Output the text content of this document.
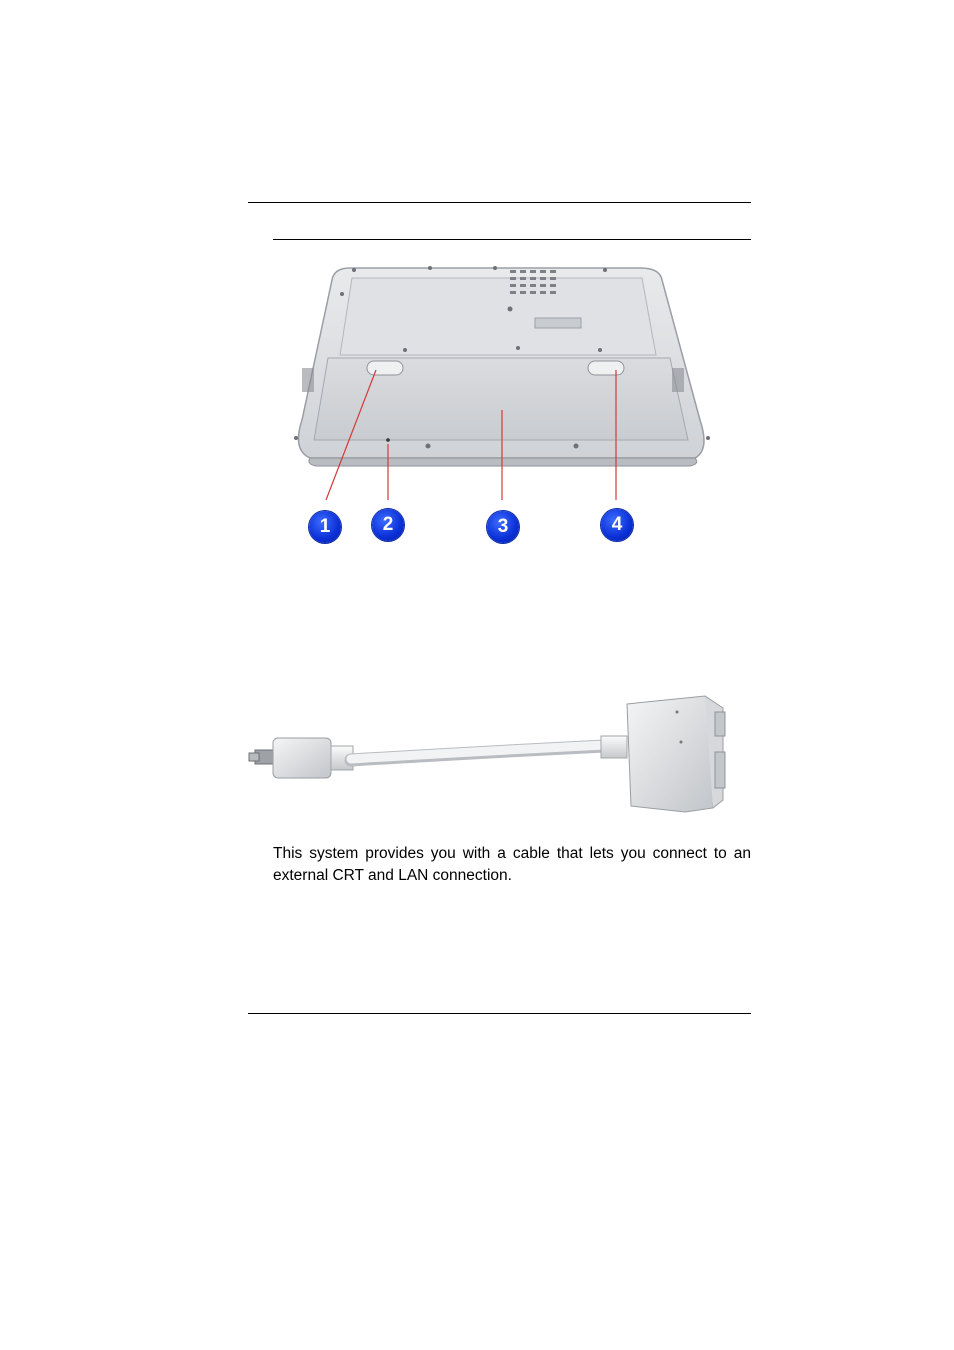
1	2	3	4

This system provides you with a cable that lets you connect to an external CRT and LAN connection.
